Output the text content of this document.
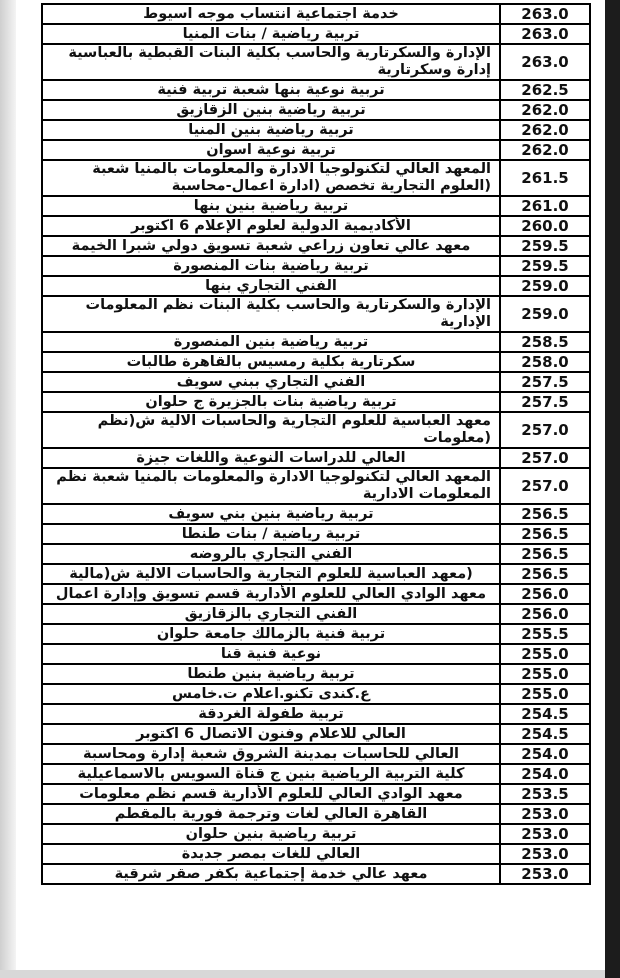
خدمة اجتماعية انتساب موجه اسيوط	263.0
تربية رياضية / بنات المنيا	263.0
الإدارة والسكرتارية والحاسب بكلية البنات القبطية بالعباسية إدارة وسكرتارية	263.0
تربية نوعية بنها شعبة تربية فنية	262.5
تربية رياضية بنين الزقازيق	262.0
تربية رياضية بنين المنيا	262.0
تربية نوعية اسوان	262.0
المعهد العالي لتكنولوجيا الادارة والمعلومات بالمنيا شعبة (العلوم التجارية تخصص (ادارة اعمال-محاسبة	261.5
تربية رياضية بنين بنها	261.0
الأكاديمية الدولية لعلوم الإعلام 6 اكتوبر	260.0
معهد عالي تعاون زراعي شعبة تسويق دولي شبرا الخيمة	259.5
تربية رياضية بنات المنصورة	259.5
الفني التجاري بنها	259.0
الإدارة والسكرتارية والحاسب بكلية البنات نظم المعلومات الإدارية	259.0
تربية رياضية بنين المنصورة	258.5
سكرتارية بكلية رمسيس بالقاهرة طالبات	258.0
الفني التجاري ببني سويف	257.5
تربية رياضية بنات بالجزيرة ج حلوان	257.5
معهد العباسية للعلوم التجارية والحاسبات الالية ش(نظم (معلومات	257.0
العالي للدراسات النوعية واللغات جيزة	257.0
المعهد العالي لتكنولوجيا الادارة والمعلومات بالمنيا شعبة نظم المعلومات الادارية	257.0
تربية رياضية بنين بني سويف	256.5
تربية رياضية / بنات طنطا	256.5
الفني التجاري بالروضه	256.5
(معهد العباسية للعلوم التجارية والحاسبات الالية ش(مالية	256.5
معهد الوادي العالي للعلوم الأدارية قسم تسويق وإدارة اعمال	256.0
الفني التجاري بالزقازيق	256.0
تربية فنية بالزمالك جامعة حلوان	255.5
نوعية فنية قنا	255.0
تربية رياضية بنين طنطا	255.0
ع.كندى تكنو.اعلام ت.خامس	255.0
تربية طفولة الغردقة	254.5
العالي للاعلام وفنون الاتصال 6 اكتوبر	254.5
العالي للحاسبات بمدينة الشروق شعبة إدارة ومحاسبة	254.0
كلية التربية الرياضية بنين ج قناة السويس بالاسماعيلية	254.0
معهد الوادي العالي للعلوم الأدارية قسم نظم معلومات	253.5
القاهرة العالي لغات وترجمة فورية بالمقطم	253.0
تربية رياضية بنين حلوان	253.0
العالي للغات بمصر جديدة	253.0
معهد عالي خدمة إجتماعية بكفر صقر شرقية	253.0
